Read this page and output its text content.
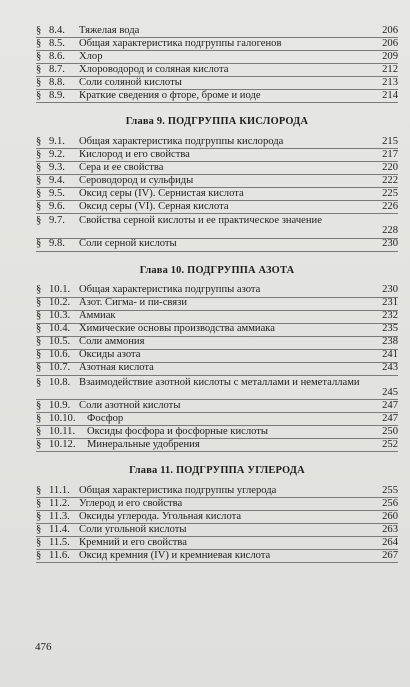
§ 8.4.	Тяжелая вода	206
§ 8.5.	Общая характеристика подгруппы галогенов	206
§ 8.6.	Хлор	209
§ 8.7.	Хлороводород и соляная кислота	212
§ 8.8.	Соли соляной кислоты	213
§ 8.9.	Краткие сведения о фторе, броме и иоде	214
Глава 9. ПОДГРУППА КИСЛОРОДА
§ 9.1.	Общая характеристика подгруппы кислорода	215
§ 9.2.	Кислород и его свойства	217
§ 9.3.	Сера и ее свойства	220
§ 9.4.	Сероводород и сульфиды	222
§ 9.5.	Оксид серы (IV). Сернистая кислота	225
§ 9.6.	Оксид серы (VI). Серная кислота	226
§ 9.7.	Свойства серной кислоты и ее практическое значение
228
§ 9.8.	Соли серной кислоты	230
Глава 10. ПОДГРУППА АЗОТА
§ 10.1. Общая характеристика подгруппы азота	230
§ 10.2. Азот. Сигма- и пи-связи	231
§ 10.3. Аммиак	232
§ 10.4. Химические основы производства аммиака	235
§ 10.5. Соли аммония	238
§ 10.6. Оксиды азота	241
§ 10.7. Азотная кислота	243
§ 10.8. Взаимодействие азотной кислоты с металлами и неметаллами
245
§ 10.9. Соли азотной кислоты	247
§ 10.10.	Фосфор	247
§ 10.11.	Оксиды фосфора и фосфорные кислоты	250
§ 10.12.	Минеральные удобрения	252
Глава 11. ПОДГРУППА УГЛЕРОДА
§ 11.1. Общая характеристика подгруппы углерода	255
§ 11.2. Углерод и его свойства	256
§ 11.3. Оксиды углерода. Угольная кислота	260
§ 11.4. Соли угольной кислоты	263
§ 11.5. Кремний и его свойства	264
§ 11.6. Оксид кремния (IV) и кремниевая кислота	267
476
